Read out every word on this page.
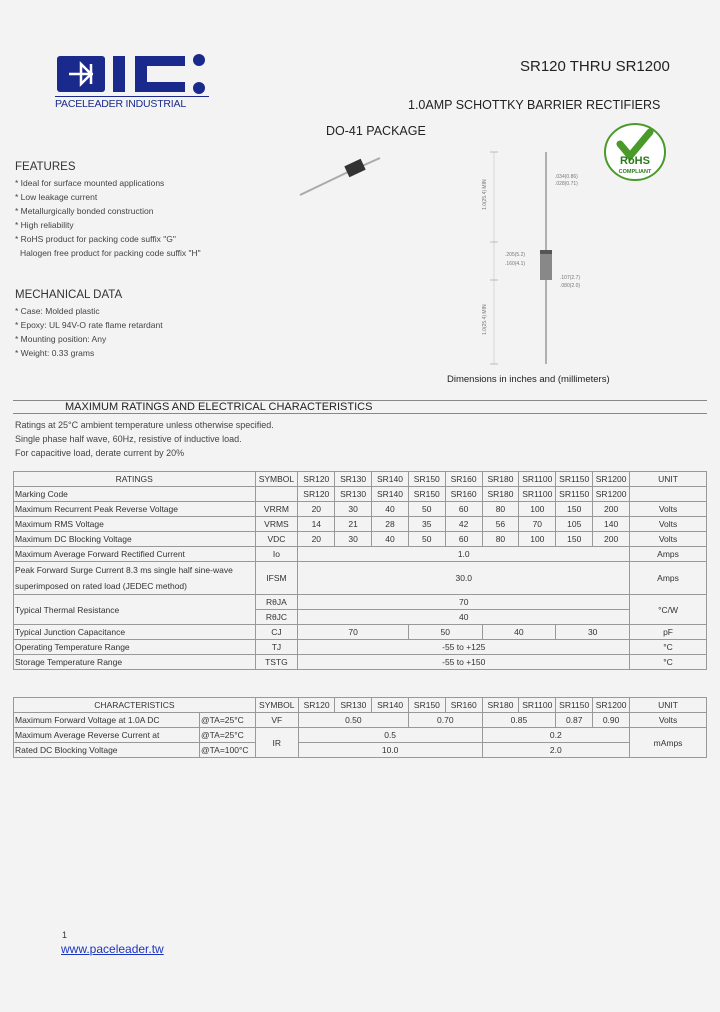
PACELEADER INDUSTRIAL
SR120 THRU SR1200
1.0AMP SCHOTTKY BARRIER RECTIFIERS
DO-41 PACKAGE
RoHS
COMPLIANT
FEATURES
* Ideal for surface mounted applications
* Low leakage current
* Metallurgically bonded construction
* High reliability
* RoHS product for packing code suffix "G"
Halogen free product for packing code suffix "H"
MECHANICAL DATA
* Case: Molded plastic
* Epoxy: UL 94V-O rate flame retardant
* Mounting position: Any
* Weight: 0.33 grams
1.0(25.4) MIN
1.0(25.4) MIN
.034(0.86)
.028(0.71)
.205(5.2)
.160(4.1)
.107(2.7)
.080(2.0)
Dimensions in inches and (millimeters)
MAXIMUM RATINGS AND ELECTRICAL CHARACTERISTICS
Ratings at 25°C ambient temperature unless otherwise specified.
Single phase half wave, 60Hz, resistive of inductive load.
For capacitive load, derate current by 20%
RATINGS	SYMBOL	SR120	SR130	SR140	SR150	SR160	SR180	SR1100	SR1150	SR1200	UNIT
Marking Code		SR120	SR130	SR140	SR150	SR160	SR180	SR1100	SR1150	SR1200	
Maximum Recurrent Peak Reverse Voltage	VRRM	20	30	40	50	60	80	100	150	200	Volts
Maximum RMS Voltage	VRMS	14	21	28	35	42	56	70	105	140	Volts
Maximum DC Blocking Voltage	VDC	20	30	40	50	60	80	100	150	200	Volts
Maximum Average Forward Rectified Current	Io	1.0									Amps

Peak Forward Surge Current 8.3 ms single half sine-wave
superimposed on rated load (JEDEC method)	IFSM	30.0									Amps
Typical Thermal Resistance	RθJA	70									°C/W
	RθJC	40									
Typical Junction Capacitance	CJ	70			50		40		30		pF
Operating Temperature Range	TJ	-55 to +125									°C
Storage Temperature Range	TSTG	-55 to +150									°C
CHARACTERISTICS		SYMBOL	SR120	SR130	SR140	SR150	SR160	SR180	SR1100	SR1150	SR1200	UNIT
Maximum Forward Voltage at 1.0A DC	@TA=25°C	VF	0.50			0.70		0.85		0.87	0.90	Volts
Maximum Average Reverse Current at	@TA=25°C	IR	0.5					0.2				mAmps
Rated DC Blocking Voltage	@TA=100°C		10.0					2.0				
1
www.paceleader.tw
